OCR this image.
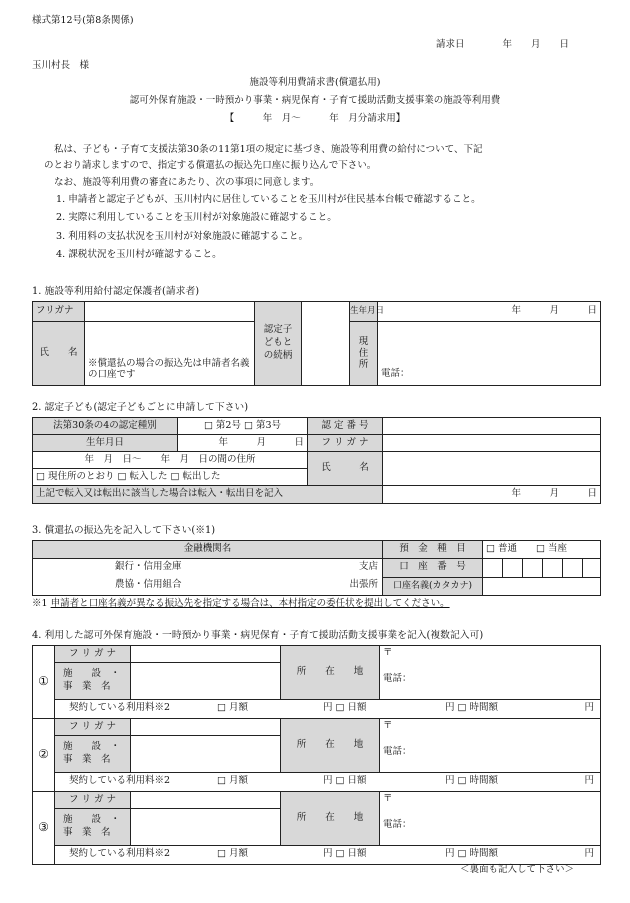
様式第12号(第8条関係)
請求日　　　　年　　月　　日
玉川村長　様
施設等利用費請求書(償還払用)
認可外保育施設・一時預かり事業・病児保育・子育て援助活動支援事業の施設等利用費
【　　　年　月～　　　年　月分請求用】
私は、子ども・子育て支援法第30条の11第1項の規定に基づき、施設等利用費の給付について、下記
のとおり請求しますので、指定する償還払の振込先口座に振り込んで下さい。
なお、施設等利用費の審査にあたり、次の事項に同意します。
1. 申請者と認定子どもが、玉川村内に居住していることを玉川村が住民基本台帳で確認すること。
2. 実際に利用していることを玉川村が対象施設に確認すること。
3. 利用料の支払状況を玉川村が対象施設に確認すること。
4. 課税状況を玉川村が確認すること。
1. 施設等利用給付認定保護者(請求者)
フリガナ		認定子どもとの続柄		生年月日	年　　　月　　　日
氏　　名	※償還払の場合の振込先は申請者名義の口座です			現住所	電話：
2. 認定子ども(認定子どもごとに申請して下さい)
法第30条の4の認定種別	□ 第2号 □ 第3号	認 定 番 号	
生年月日	年　　　月　　　日	フ リ ガ ナ	
年　月　日～　　年　月　日の間の住所		氏　　　名	
□ 現住所のとおり □ 転入した □ 転出した			
上記で転入又は転出に該当した場合は転入・転出日を記入			年　　　月　　　日
3. 償還払の振込先を記入して下さい(※1)
金融機関名	預　金　種　目	□ 普通　　□ 当座					

銀行・信用金庫 支店
農協・信用組合 出張所	口　座　番　号						
	口座名義(カタカナ)						
※1 申請者と口座名義が異なる振込先を指定する場合は、本村指定の委任状を提出してください。
4. 利用した認可外保育施設・一時預かり事業・病児保育・子育て援助活動支援事業を記入(複数記入可)
①	フ リ ガ ナ		所　　在　　地	〒
電話：

	施　　設　・
事　業　名			

	契約している利用料※2 □ 月額 円 □ 日額 円 □ 時間額 円			
②	フ リ ガ ナ		所　　在　　地	〒
電話：

	施　　設　・
事　業　名			

	契約している利用料※2 □ 月額 円 □ 日額 円 □ 時間額 円			
③	フ リ ガ ナ		所　　在　　地	〒
電話：

	施　　設　・
事　業　名			

	契約している利用料※2 □ 月額 円 □ 日額 円 □ 時間額 円			
＜裏面も記入して下さい＞
